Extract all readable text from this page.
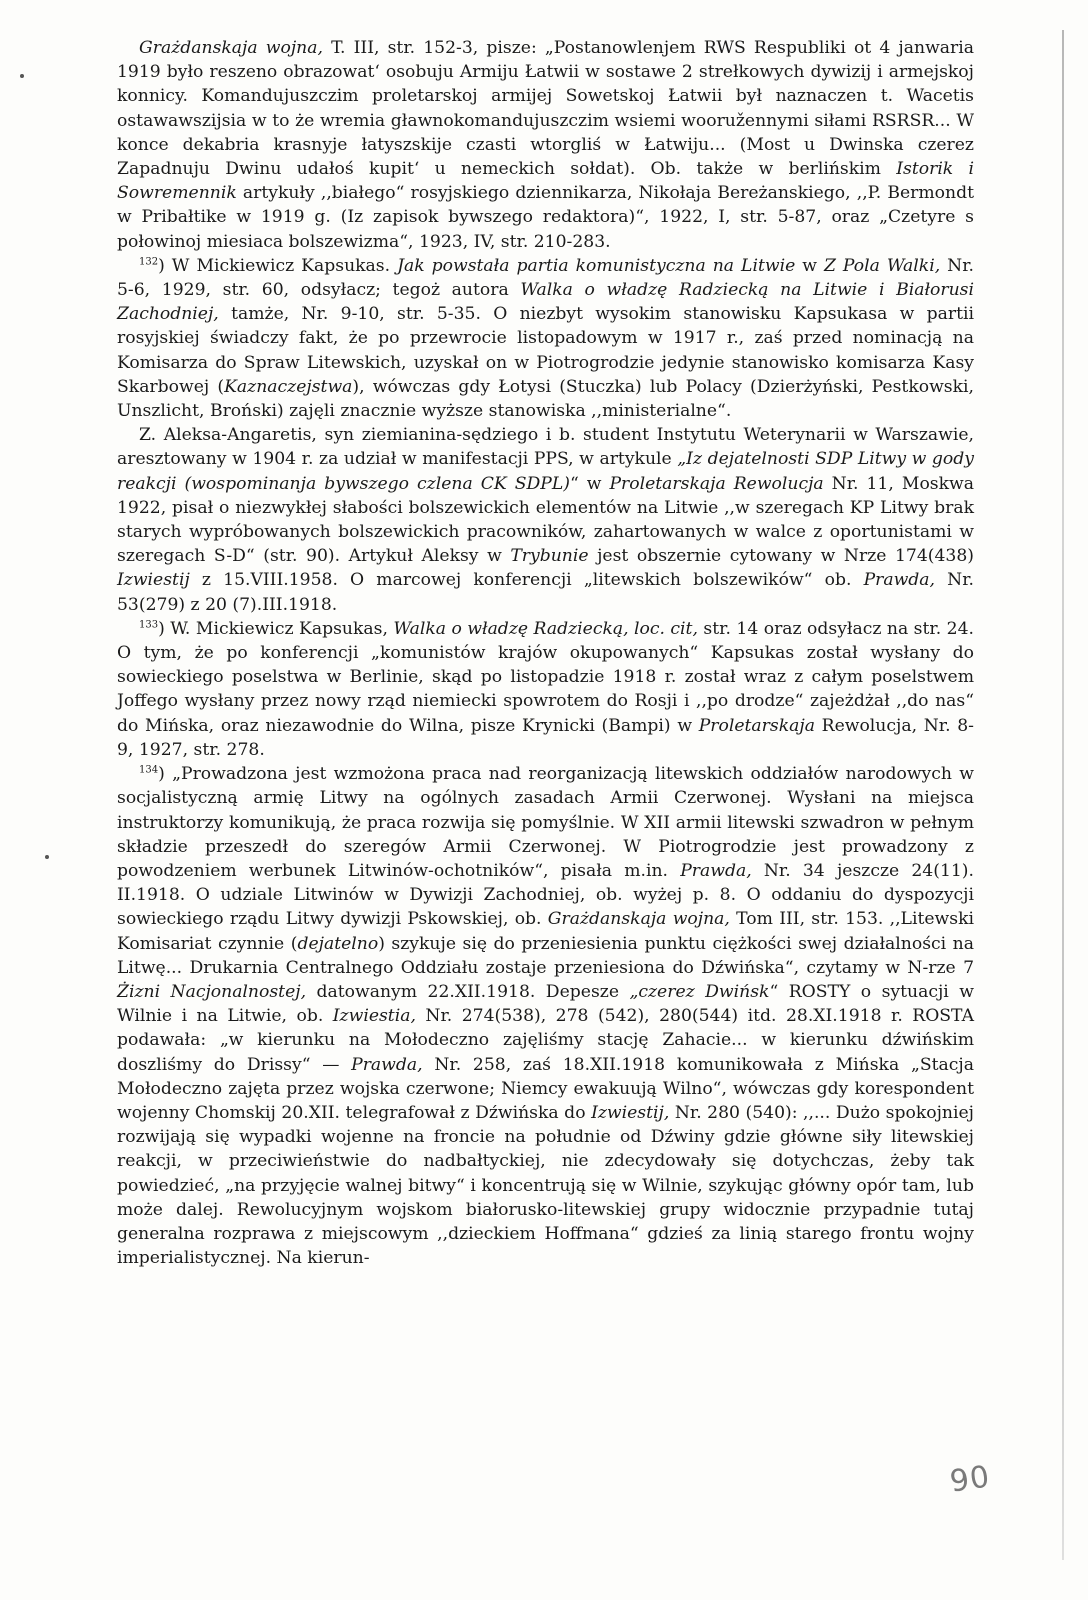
Grażdanskaja wojna, T. III, str. 152-3, pisze: „Postanowlenjem RWS Respubliki ot 4 janwaria 1919 było reszeno obrazowat‘ osobuju Armiju Łatwii w sostawe 2 strełkowych dywizij i armejskoj konnicy. Komandujuszczim proletarskoj armijej Sowetskoj Łatwii był naznaczen t. Wacetis ostawawszijsia w to że wremia gławnokomandujuszczim wsiemi wooružennymi siłami RSRSR... W konce dekabria krasnyje łatyszskije czasti wtorgliś w Łatwiju... (Most u Dwinska czerez Zapadnuju Dwinu udałoś kupit‘ u nemeckich sołdat). Ob. także w berlińskim Istorik i Sowremennik artykuły ,,białego“ rosyjskiego dziennikarza, Nikołaja Bereżanskiego, ,,P. Bermondt w Pribałtike w 1919 g. (Iz zapisok bywszego redaktora)“, 1922, I, str. 5-87, oraz „Czetyre s połowinoj miesiaca bolszewizma“, 1923, IV, str. 210-283.

$^{132}$) W Mickiewicz Kapsukas. Jak powstała partia komunistyczna na Litwie w Z Pola Walki, Nr. 5-6, 1929, str. 60, odsyłacz; tegoż autora Walka o władzę Radziecką na Litwie i Białorusi Zachodniej, tamże, Nr. 9-10, str. 5-35. O niezbyt wysokim stanowisku Kapsukasa w partii rosyjskiej świadczy fakt, że po przewrocie listopadowym w 1917 r., zaś przed nominacją na Komisarza do Spraw Litewskich, uzyskał on w Piotrogrodzie jedynie stanowisko komisarza Kasy Skarbowej (Kaznaczejstwa), wówczas gdy Łotysi (Stuczka) lub Polacy (Dzierżyński, Pestkowski, Unszlicht, Broński) zajęli znacznie wyższe stanowiska ,,ministerialne“.

Z. Aleksa-Angaretis, syn ziemianina-sędziego i b. student Instytutu Weterynarii w Warszawie, aresztowany w 1904 r. za udział w manifestacji PPS, w artykule „Iz dejatelnosti SDP Litwy w gody reakcji (wospominanja bywszego czlena CK SDPL)“ w Proletarskaja Rewolucja Nr. 11, Moskwa 1922, pisał o niezwykłej słabości bolszewickich elementów na Litwie ,,w szeregach KP Litwy brak starych wypróbowanych bolszewickich pracowników, zahartowanych w walce z oportunistami w szeregach S-D“ (str. 90). Artykuł Aleksy w Trybunie jest obszernie cytowany w Nrze 174(438) Izwiestij z 15.VIII.1958. O marcowej konferencji „litewskich bolszewików“ ob. Prawda, Nr. 53(279) z 20 (7).III.1918.

$^{133}$) W. Mickiewicz Kapsukas, Walka o władzę Radziecką, loc. cit, str. 14 oraz odsyłacz na str. 24. O tym, że po konferencji „komunistów krajów okupowanych“ Kapsukas został wysłany do sowieckiego poselstwa w Berlinie, skąd po listopadzie 1918 r. został wraz z całym poselstwem Joffego wysłany przez nowy rząd niemiecki spowrotem do Rosji i ,,po drodze“ zajeżdżał ,,do nas“ do Mińska, oraz niezawodnie do Wilna, pisze Krynicki (Bampi) w Proletarskaja Rewolucja, Nr. 8-9, 1927, str. 278.

$^{134}$) „Prowadzona jest wzmożona praca nad reorganizacją litewskich oddziałów narodowych w socjalistyczną armię Litwy na ogólnych zasadach Armii Czerwonej. Wysłani na miejsca instruktorzy komunikują, że praca rozwija się pomyślnie. W XII armii litewski szwadron w pełnym składzie przeszedł do szeregów Armii Czerwonej. W Piotrogrodzie jest prowadzony z powodzeniem werbunek Litwinów-ochotników“, pisała m.in. Prawda, Nr. 34 jeszcze 24(11). II.1918. O udziale Litwinów w Dywizji Zachodniej, ob. wyżej p. 8. O oddaniu do dyspozycji sowieckiego rządu Litwy dywizji Pskowskiej, ob. Grażdanskaja wojna, Tom III, str. 153. ,,Litewski Komisariat czynnie (dejatelno) szykuje się do przeniesienia punktu ciężkości swej działalności na Litwę... Drukarnia Centralnego Oddziału zostaje przeniesiona do Dźwińska“, czytamy w N-rze 7 Żizni Nacjonalnostej, datowanym 22.XII.1918. Depesze „czerez Dwińsk“ ROSTY o sytuacji w Wilnie i na Litwie, ob. Izwiestia, Nr. 274(538), 278 (542), 280(544) itd. 28.XI.1918 r. ROSTA podawała: „w kierunku na Mołodeczno zajęliśmy stację Zahacie... w kierunku dźwińskim doszliśmy do Drissy“ — Prawda, Nr. 258, zaś 18.XII.1918 komunikowała z Mińska „Stacja Mołodeczno zajęta przez wojska czerwone; Niemcy ewakuują Wilno“, wówczas gdy korespondent wojenny Chomskij 20.XII. telegrafował z Dźwińska do Izwiestij, Nr. 280 (540): ,,... Dużo spokojniej rozwijają się wypadki wojenne na froncie na południe od Dźwiny gdzie główne siły litewskiej reakcji, w przeciwieństwie do nadbałtyckiej, nie zdecydowały się dotychczas, żeby tak powiedzieć, „na przyjęcie walnej bitwy“ i koncentrują się w Wilnie, szykując główny opór tam, lub może dalej. Rewolucyjnym wojskom białorusko-litewskiej grupy widocznie przypadnie tutaj generalna rozprawa z miejscowym ,,dzieckiem Hoffmana“ gdzieś za linią starego frontu wojny imperialistycznej. Na kierun-

90
